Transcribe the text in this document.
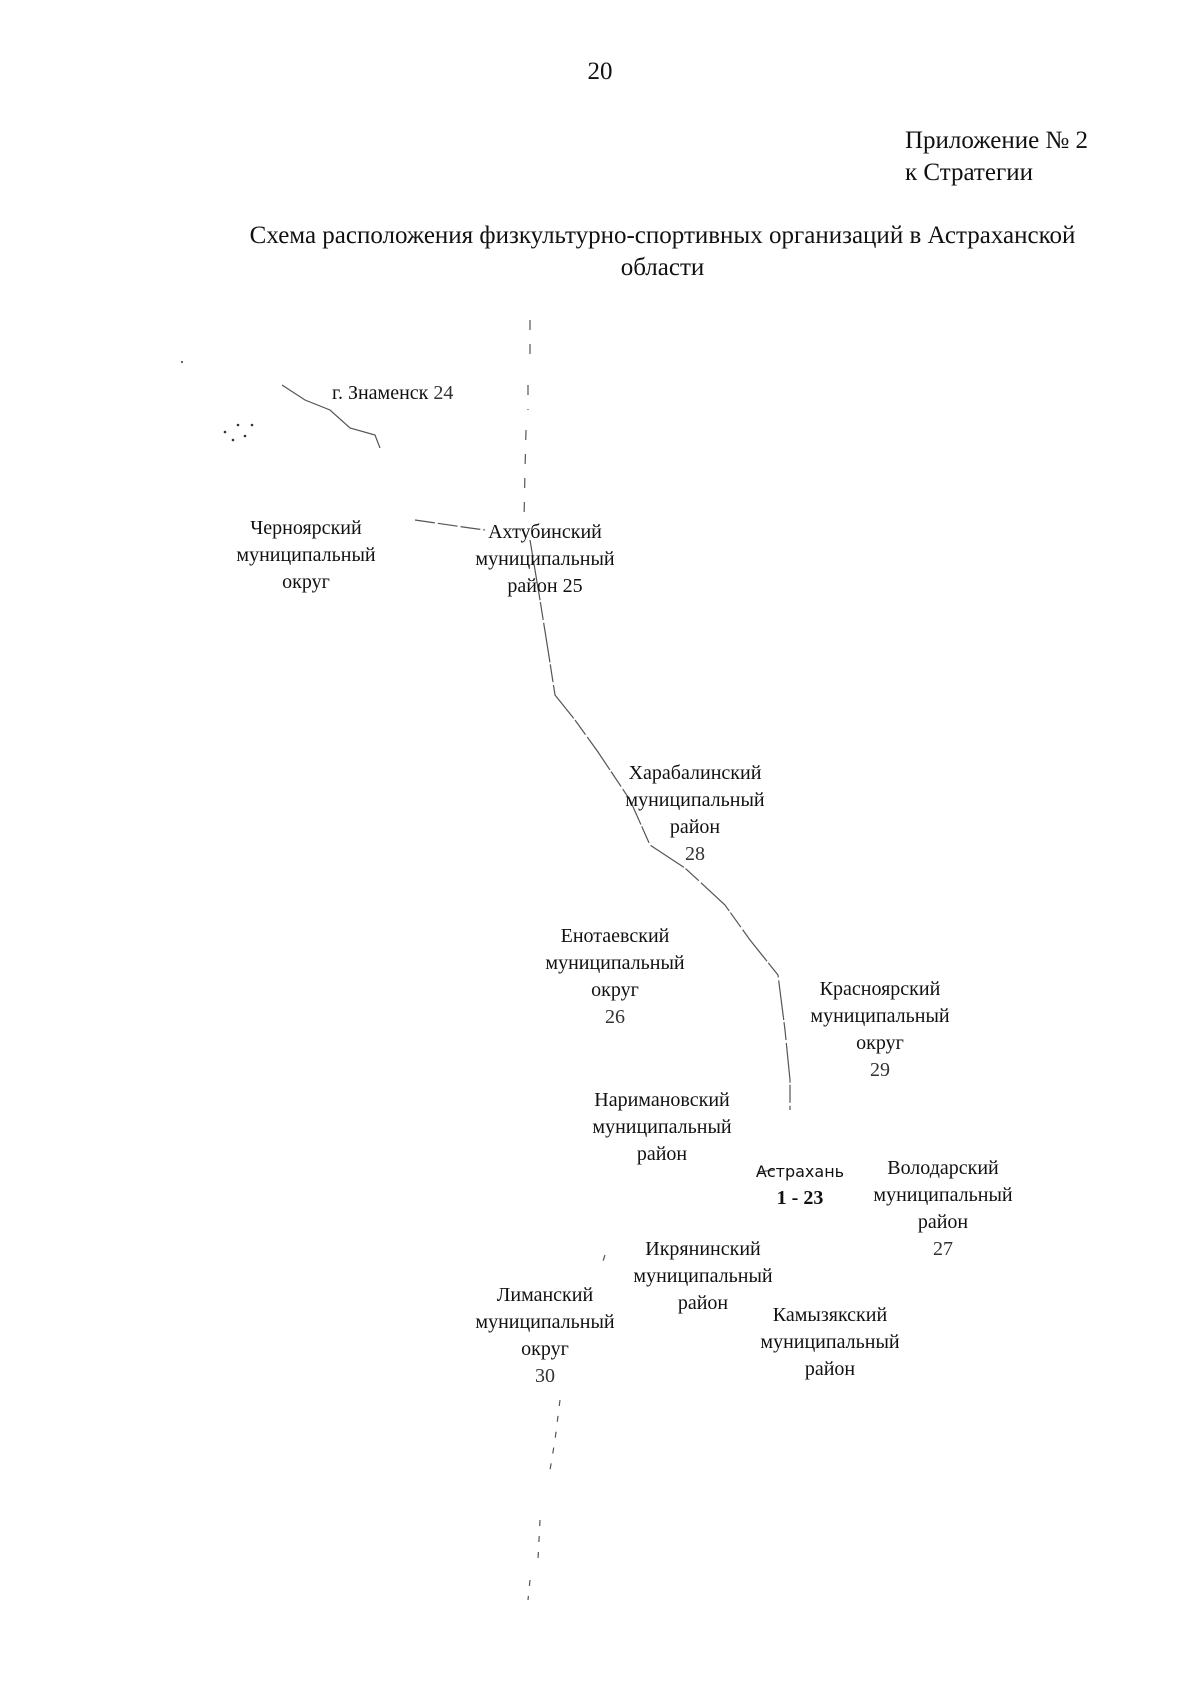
20
Приложение № 2
к Стратегии
Схема расположения физкультурно-спортивных организаций в Астраханской
области
г. Знаменск 24
Черноярский
муниципальный
округ
Ахтубинский
муниципальный
район 25
Харабалинский
муниципальный
район
28
Енотаевский
муниципальный
округ
26
Красноярский
муниципальный
округ
29
Наримановский
муниципальный
район
Астрахань
1 - 23
Володарский
муниципальный
район
27
Икрянинский
муниципальный
район
Лиманский
муниципальный
округ
30
Камызякский
муниципальный
район
